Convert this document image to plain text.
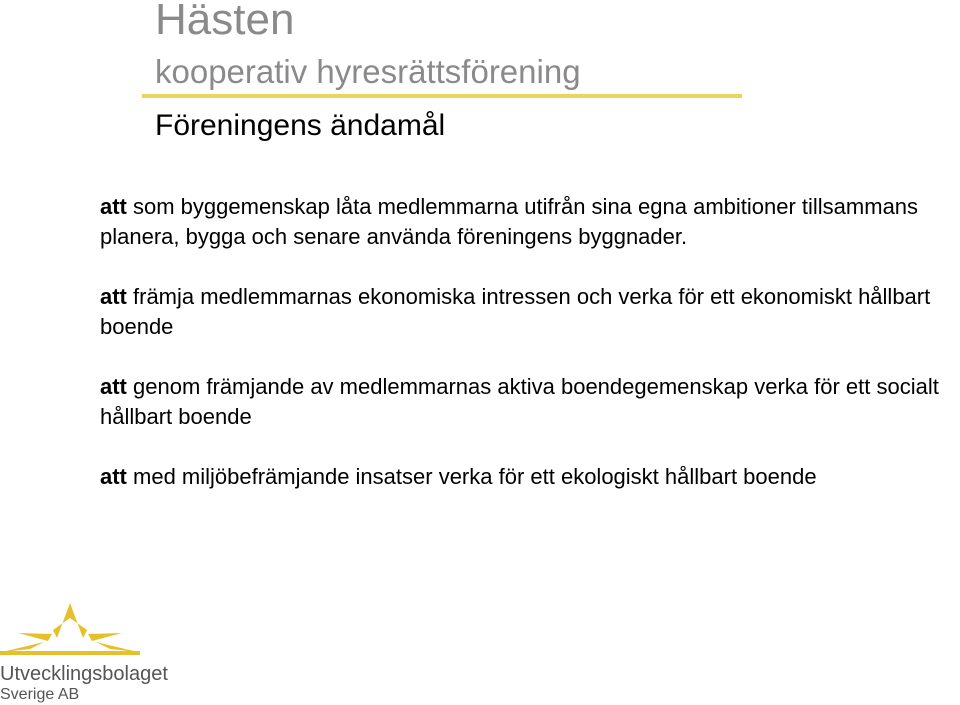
Hästen
kooperativ hyresrättsförening
Föreningens ändamål

att som byggemenskap låta medlemmarna utifrån sina egna ambitioner tillsammans planera, bygga och senare använda föreningens byggnader.

att främja medlemmarnas ekonomiska intressen och verka för ett ekonomiskt hållbart boende

att genom främjande av medlemmarnas aktiva boendegemenskap verka för ett socialt hållbart boende

att med miljöbefrämjande insatser verka för ett ekologiskt hållbart boende

Utvecklingsbolaget

Sverige AB
